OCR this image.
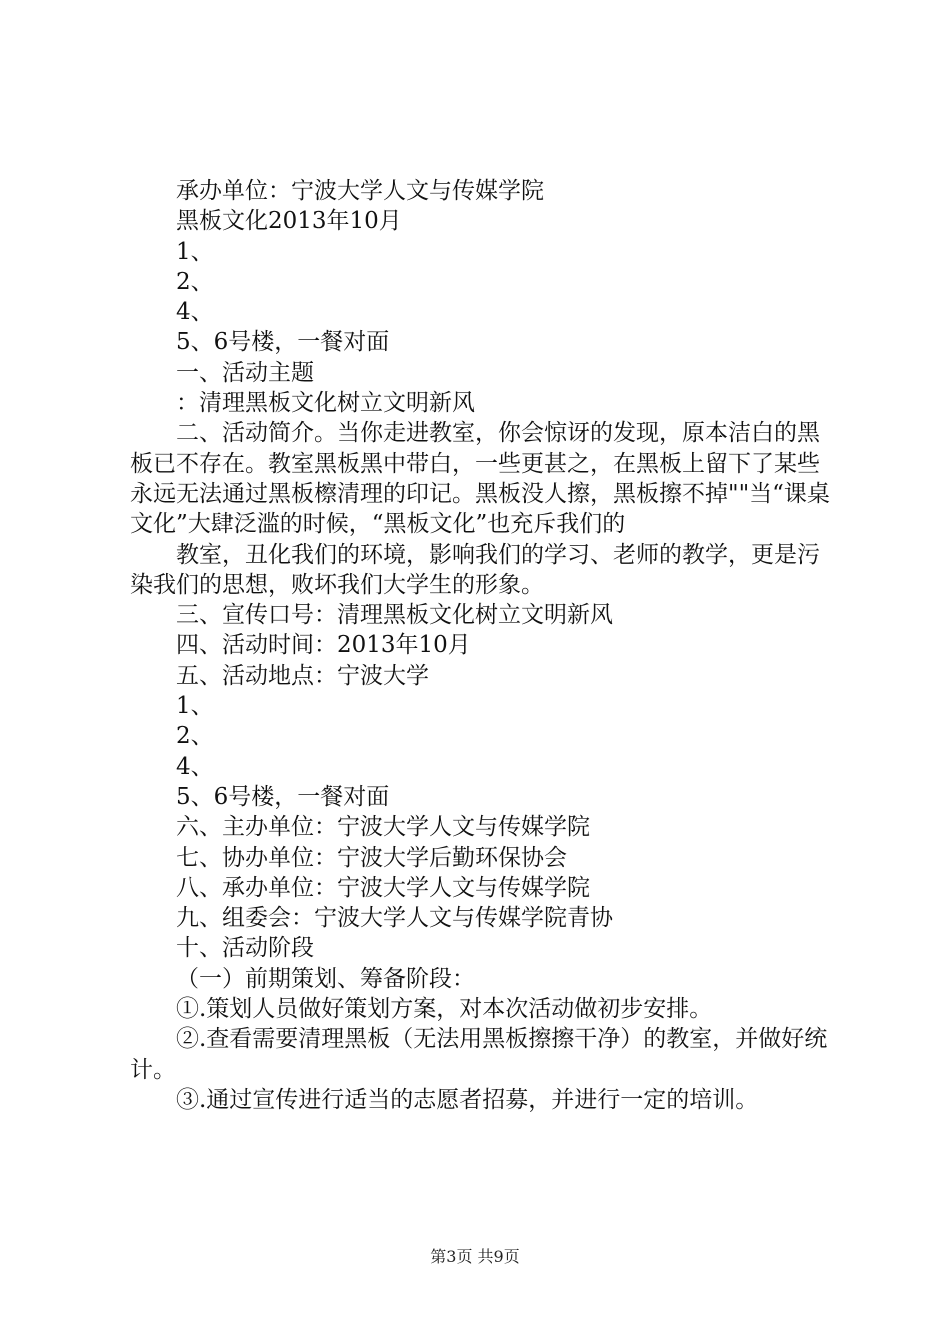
承办单位：宁波大学人文与传媒学院

黑板文化2013年10月

1、

2、

4、

5、6号楼，一餐对面

一、活动主题

：清理黑板文化树立文明新风

二、活动简介。当你走进教室，你会惊讶的发现，原本洁白的黑板已不存在。教室黑板黑中带白，一些更甚之，在黑板上留下了某些永远无法通过黑板檫清理的印记。黑板没人擦，黑板擦不掉""当“课桌文化”大肆泛滥的时候，“黑板文化”也充斥我们的

教室，丑化我们的环境，影响我们的学习、老师的教学，更是污染我们的思想，败坏我们大学生的形象。

三、宣传口号：清理黑板文化树立文明新风

四、活动时间：2013年10月

五、活动地点：宁波大学

1、

2、

4、

5、6号楼，一餐对面

六、主办单位：宁波大学人文与传媒学院

七、协办单位：宁波大学后勤环保协会

八、承办单位：宁波大学人文与传媒学院

九、组委会：宁波大学人文与传媒学院青协

十、活动阶段

（一）前期策划、筹备阶段：

①.策划人员做好策划方案，对本次活动做初步安排。

②.查看需要清理黑板（无法用黑板擦擦干净）的教室，并做好统计。

③.通过宣传进行适当的志愿者招募，并进行一定的培训。

第3页 共9页
